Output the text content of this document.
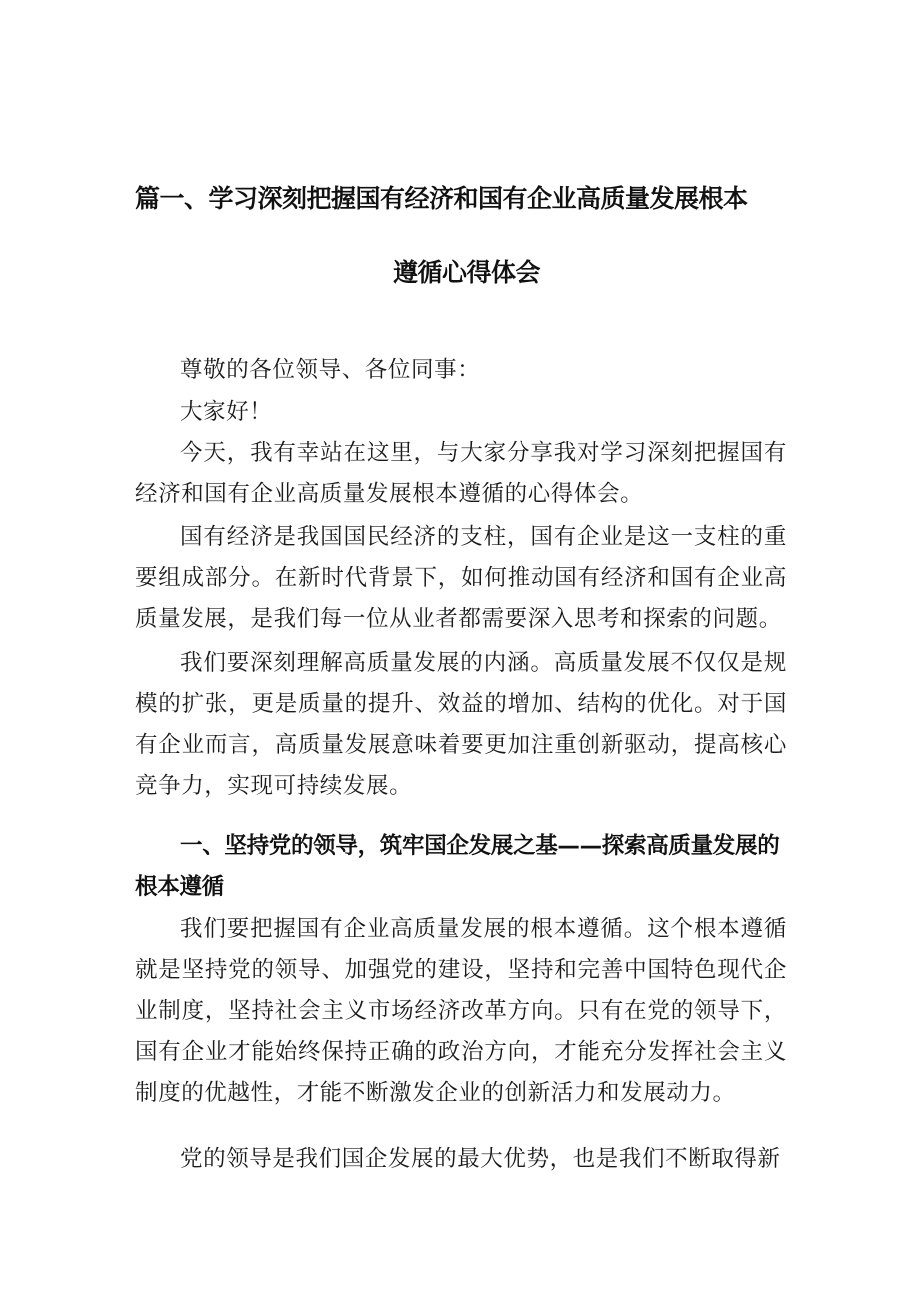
篇一、学习深刻把握国有经济和国有企业高质量发展根本
遵循心得体会
尊敬的各位领导、各位同事：
大家好！
今天，我有幸站在这里，与大家分享我对学习深刻把握国有经济和国有企业高质量发展根本遵循的心得体会。
国有经济是我国国民经济的支柱，国有企业是这一支柱的重要组成部分。在新时代背景下，如何推动国有经济和国有企业高质量发展，是我们每一位从业者都需要深入思考和探索的问题。
我们要深刻理解高质量发展的内涵。高质量发展不仅仅是规模的扩张，更是质量的提升、效益的增加、结构的优化。对于国有企业而言，高质量发展意味着要更加注重创新驱动，提高核心竞争力，实现可持续发展。
一、坚持党的领导，筑牢国企发展之基——探索高质量发展的根本遵循
我们要把握国有企业高质量发展的根本遵循。这个根本遵循就是坚持党的领导、加强党的建设，坚持和完善中国特色现代企业制度，坚持社会主义市场经济改革方向。只有在党的领导下，国有企业才能始终保持正确的政治方向，才能充分发挥社会主义制度的优越性，才能不断激发企业的创新活力和发展动力。
党的领导是我们国企发展的最大优势，也是我们不断取得新
